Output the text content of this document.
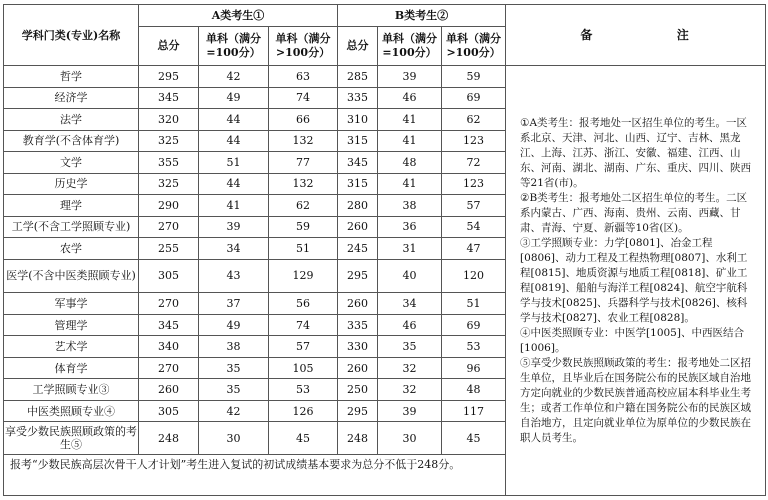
学科门类(专业)名称	A类考生①			B类考生②			备 注
	总分	单科（满分=100分）	单科（满分>100分）	总分	单科（满分=100分）	单科（满分>100分）	
哲学	295	42	63	285	39	59	①A类考生：报考地处一区招生单位的考生。一区系北京、天津、河北、山西、辽宁、吉林、黑龙江、上海、江苏、浙江、安徽、福建、江西、山东、河南、湖北、湖南、广东、重庆、四川、陕西等21省(市)。

②B类考生：报考地处二区招生单位的考生。二区系内蒙古、广西、海南、贵州、云南、西藏、甘肃、青海、宁夏、新疆等10省(区)。

③工学照顾专业：力学[0801]、冶金工程[0806]、动力工程及工程热物理[0807]、水利工程[0815]、地质资源与地质工程[0818]、矿业工程[0819]、船舶与海洋工程[0824]、航空宇航科学与技术[0825]、兵器科学与技术[0826]、核科学与技术[0827]、农业工程[0828]。

④中医类照顾专业：中医学[1005]、中西医结合[1006]。

⑤享受少数民族照顾政策的考生：报考地处二区招生单位，且毕业后在国务院公布的民族区域自治地方定向就业的少数民族普通高校应届本科毕业生考生；或者工作单位和户籍在国务院公布的民族区域自治地方，且定向就业单位为原单位的少数民族在职人员考生。

经济学	345	49	74	335	46	69	
法学	320	44	66	310	41	62	
教育学(不含体育学)	325	44	132	315	41	123	
文学	355	51	77	345	48	72	
历史学	325	44	132	315	41	123	
理学	290	41	62	280	38	57	
工学(不含工学照顾专业)	270	39	59	260	36	54	
农学	255	34	51	245	31	47	
医学(不含中医类照顾专业)	305	43	129	295	40	120	
军事学	270	37	56	260	34	51	
管理学	345	49	74	335	46	69	
艺术学	340	38	57	330	35	53	
体育学	270	35	105	260	32	96	
工学照顾专业③	260	35	53	250	32	48	
中医类照顾专业④	305	42	126	295	39	117	
享受少数民族照顾政策的考生⑤	248	30	45	248	30	45	
报考“少数民族高层次骨干人才计划”考生进入复试的初试成绩基本要求为总分不低于248分。							
